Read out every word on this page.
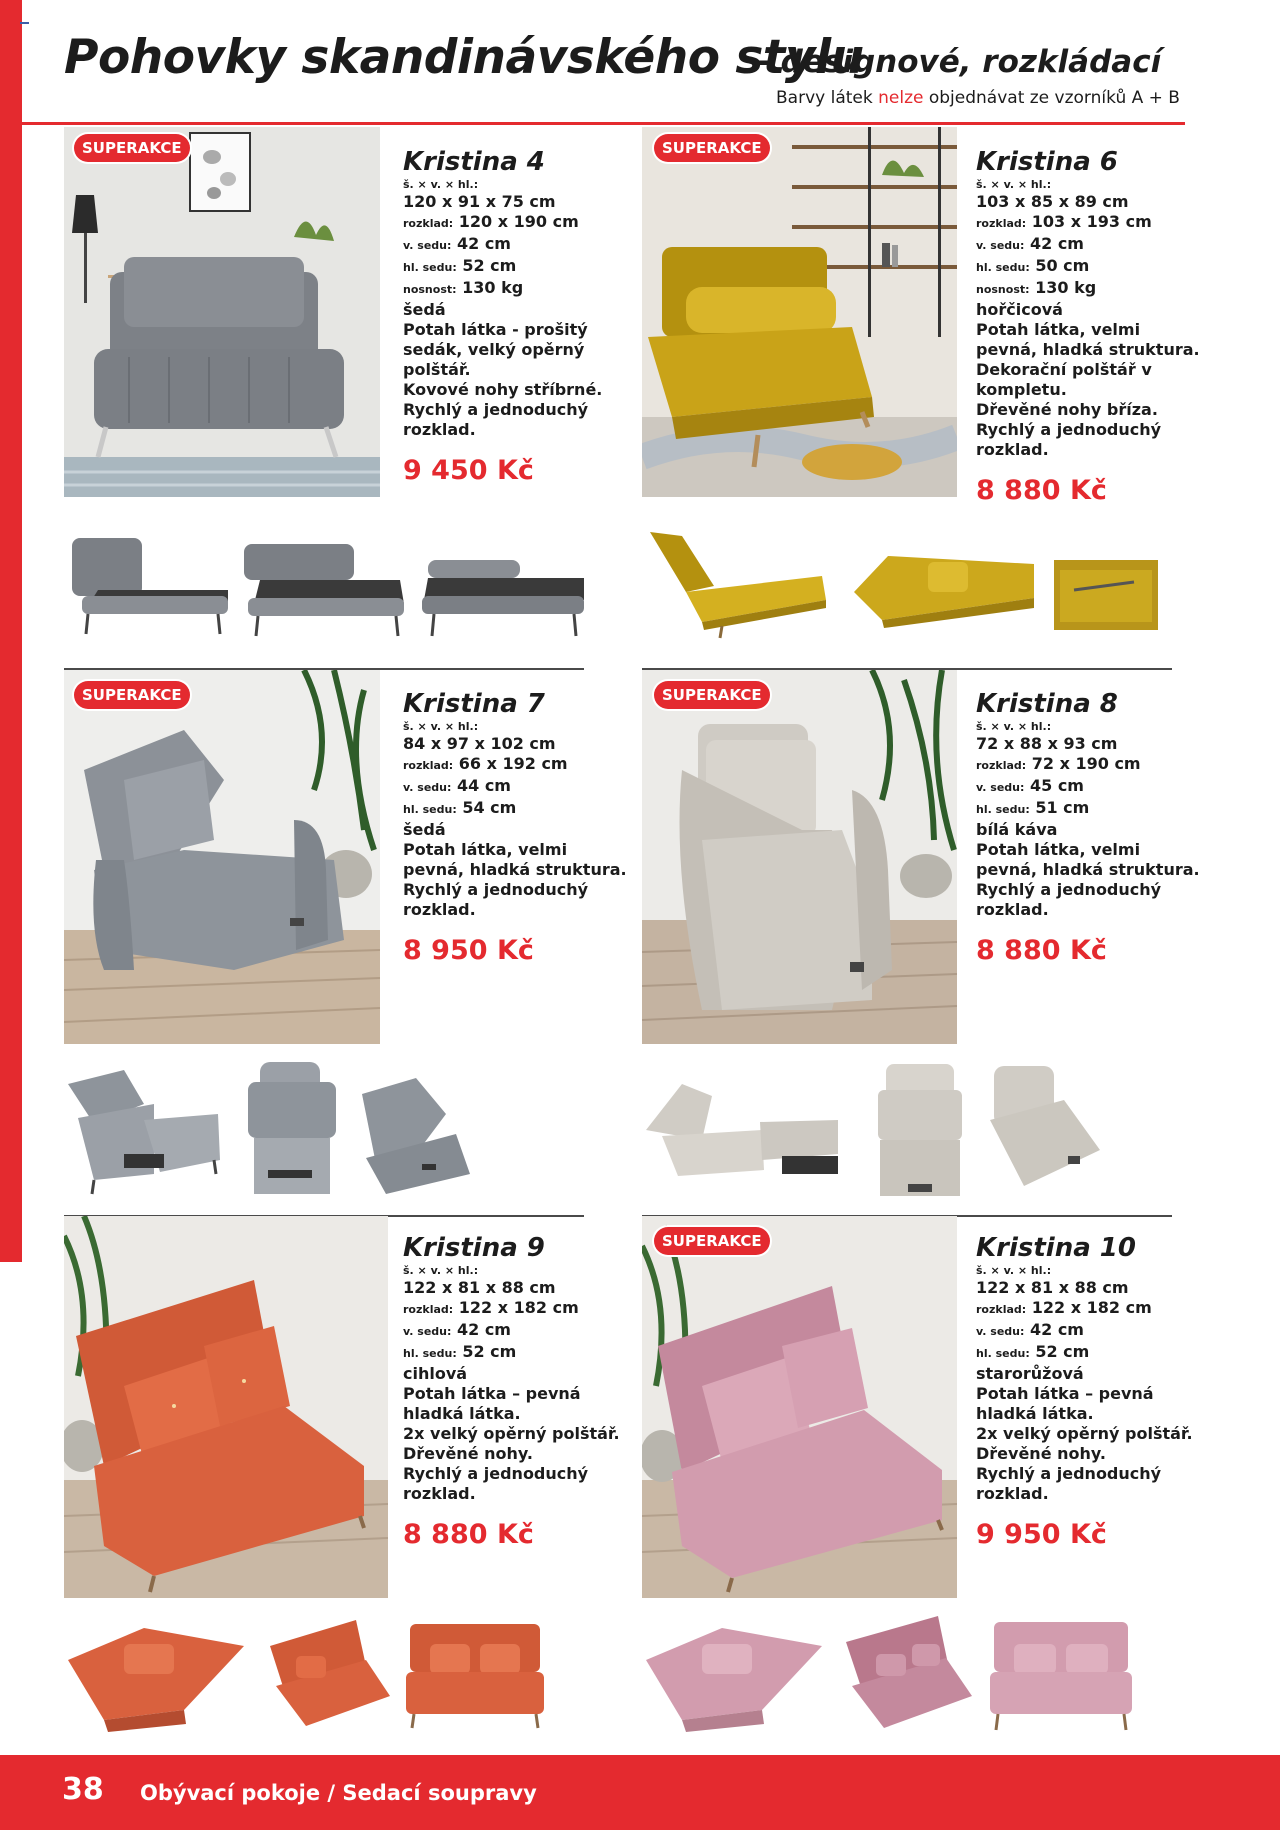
Pohovky skandinávského stylu
- designové, rozkládací
Barvy látek nelze objednávat ze vzorníků A + B
SUPERAKCE	Kristina 4
š. × v. × hl.:
120 x 91 x 75 cm
rozklad: 120 x 190 cm
v. sedu: 42 cm
hl. sedu: 52 cm
nosnost: 130 kg
šedá
Potah látka - prošitý sedák, velký opěrný polštář.
Kovové nohy stříbrné.
Rychlý a jednoduchý rozklad.
9 450 Kč
SUPERAKCE	Kristina 6
š. × v. × hl.:
103 x 85 x 89 cm
rozklad: 103 x 193 cm
v. sedu: 42 cm
hl. sedu: 50 cm
nosnost: 130 kg
hořčicová
Potah látka, velmi pevná, hladká struktura.
Dekorační polštář v kompletu.
Dřevěné nohy bříza.
Rychlý a jednoduchý rozklad.
8 880 Kč
SUPERAKCE	Kristina 7
š. × v. × hl.:
84 x 97 x 102 cm
rozklad: 66 x 192 cm
v. sedu: 44 cm
hl. sedu: 54 cm
šedá
Potah látka, velmi pevná, hladká struktura.
Rychlý a jednoduchý rozklad.
8 950 Kč
SUPERAKCE	Kristina 8
š. × v. × hl.:
72 x 88 x 93 cm
rozklad: 72 x 190 cm
v. sedu: 45 cm
hl. sedu: 51 cm
bílá káva
Potah látka, velmi pevná, hladká struktura.
Rychlý a jednoduchý rozklad.
8 880 Kč
Kristina 9
š. × v. × hl.:
122 x 81 x 88 cm
rozklad: 122 x 182 cm
v. sedu: 42 cm
hl. sedu: 52 cm
cihlová
Potah látka – pevná hladká látka.
2x velký opěrný polštář.
Dřevěné nohy.
Rychlý a jednoduchý rozklad.
8 880 Kč
SUPERAKCE	Kristina 10
š. × v. × hl.:
122 x 81 x 88 cm
rozklad: 122 x 182 cm
v. sedu: 42 cm
hl. sedu: 52 cm
starorůžová
Potah látka – pevná hladká látka.
2x velký opěrný polštář.
Dřevěné nohy.
Rychlý a jednoduchý rozklad.
9 950 Kč
38 Obývací pokoje / Sedací soupravy
